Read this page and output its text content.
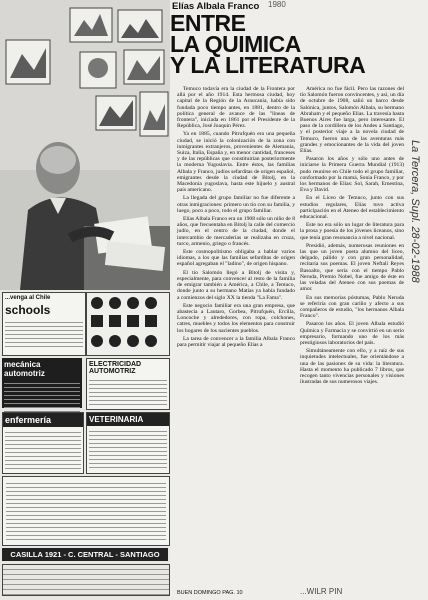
Elías Albala Franco 1980
ENTRE
LA QUIMICA
Y LA LITERATURA

Temuco todavía era la ciudad de la Frontera por allá por el año 1914. Esta hermosa ciudad, hoy capital de la Región de la Araucanía, había sido fundada poco tiempo antes, en 1881, dentro de la política general de avance de las "líneas de frontera", iniciada en 1861 por el Presidente de la República, José Joaquín Pérez.

Ya en 1885, cuando Pitrufquén era una pequeña ciudad, se inició la colonización de la zona con inmigrantes extranjeros, provenientes de Alemania, Suiza, Italia, España y, en menor cantidad, franceses y de las repúblicas que constituirían posteriormente la moderna Yugoslavia. Entre éstos, las familias Albala y Franco, judíos sefarditas de origen español, emigrantes desde la ciudad de Bitolj, en la Macedonia yugoslava, hasta este hijuelo y austral país americano.

La llegada del grupo familiar no fue diferente a otras inmigraciones: primero un tío con su familia, y luego, poco a poco, todo el grupo familiar.

Elías Albala Franco era un 1908 sólo un niño de 8 años, que frecuentaba en Bitolj la calle del comercio judío, en el centro de la ciudad, donde el intercambio de mercaderías se realizaba en cruza, turco, armenio, griego o francés.

Este cosmopolitismo obligaba a hablar varios idiomas, a los que las familias sefarditas de origen español agregaban el "ladino", de origen hispano.

El tío Salomón llegó a Bitolj de visita y, especialmente, para convencer al resto de la familia de emigrar también a América, a Chile, a Temuco, donde junto a su hermano Matías ya había fundado a comienzos del siglo XX la tienda "La Fama".

Este negocio familiar era una gran empresa, que abastecía a Lautaro, Gorbea, Pitrufquén, Ercilla, Loncoche y alrededores, con ropa, colchones, catres, muebles y todos los elementos para construir los hogares de los nacientes pueblos.

La tarea de convencer a la familia Albala Franco para permitir viajar al pequeño Elías a

América no fue fácil. Pero las razones del tío Salomón fueron convincentes, y así, un día de octubre de 1908, salió un barco desde Salónica, juntos, Salomón Albala, su hermano Abraham y el pequeño Elías. La travesía hasta Buenos Aires fue larga, pero interesante. El paso de la cordillera de los Andes a Santiago, y el posterior viaje a la novela ciudad de Temuco, fueron una de las aventuras más grandes y emocionantes de la vida del joven Elías.

Pasaron los años y sólo uno antes de iniciarse la Primera Guerra Mundial (1913) pudo reunirse en Chile todo el grupo familiar, conformado por la mamá, Sonia Franco, y por los hermanos de Elías: Sol, Sarah, Ernestina, Eva y David.

En el Liceo de Temuco, junto con sus estudios regulares, Elías tuvo activa participación en el Ateneo del establecimiento educacional.

Este no era sólo un lugar de literatura para la prosa y poesía de los jóvenes liceanos, sino que tenía gran resonancia a nivel nacional.

Presidió, además, numerosas reuniones en las que un joven poeta alumno del liceo, delgado, pálido y con gran personalidad, recitaría sus poemas. El joven Neftalí Reyes Basoalto, que sería con el tiempo Pablo Neruda, Premio Nobel, fue amigo de éste en las veladas del Ateneo con sus poemas de amor.

En sus memorias póstumas, Pablo Neruda se referiría con gran cariño y afecto a sus compañeros de estudio, "los hermanos Albala Franco".

Pasaron los años. El joven Albala estudió Química y Farmacia y se convirtió en un serio empresario, formando uno de los más prestigiosos laboratorios del país.

Simultáneamente con ello, y a raíz de sus inquietudes intelectuales, fue orientándose a una de las pasiones de su vida: la literatura. Hasta el momento ha publicado 7 libros, que recogen tanto vivencias personales y visiones ilustradas de sus numerosos viajes.

...venga al Chile
schools
mecánica automotriz
ELECTRICIDAD AUTOMOTRIZ
enfermería	VETERINARIA
CASILLA 1921 - C. CENTRAL - SANTIAGO
BUEN DOMINGO PAG. 10	...WILR PIN
La Tercera, Supl. 28-02-1988
